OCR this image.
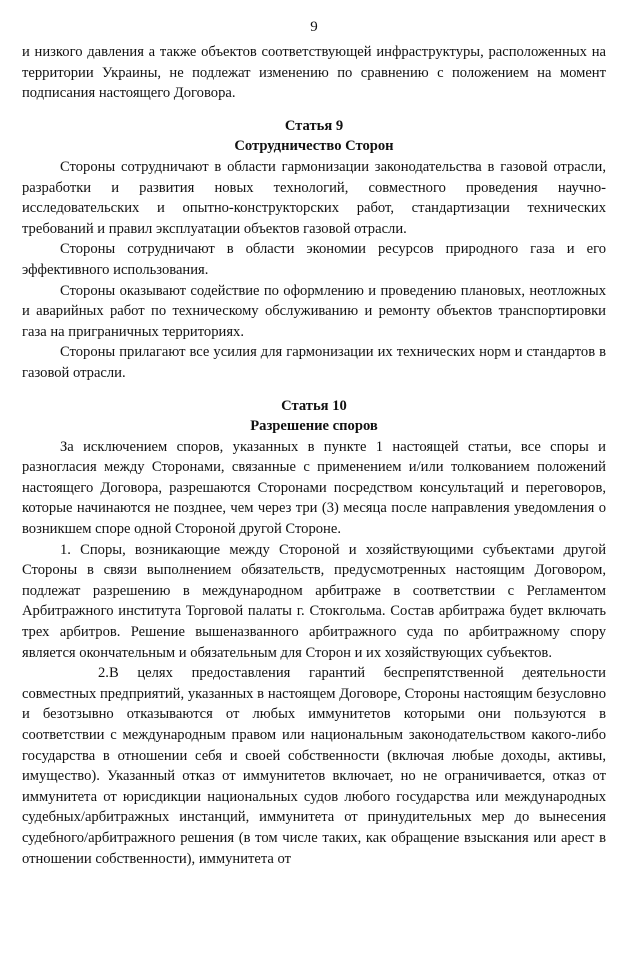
9

и низкого давления а также объектов соответствующей инфраструктуры, расположенных на территории Украины, не подлежат изменению по сравнению с положением на момент подписания настоящего Договора.

Статья 9
Сотрудничество Сторон

Стороны сотрудничают в области гармонизации законодательства в газовой отрасли, разработки и развития новых технологий, совместного проведения научно-исследовательских и опытно-конструкторских работ, стандартизации технических требований и правил эксплуатации объектов газовой отрасли.

Стороны сотрудничают в области экономии ресурсов природного газа и его эффективного использования.

Стороны оказывают содействие по оформлению и проведению плановых, неотложных и аварийных работ по техническому обслуживанию и ремонту объектов транспортировки газа на приграничных территориях.

Стороны прилагают все усилия для гармонизации их технических норм и стандартов в газовой отрасли.

Статья 10
Разрешение споров

За исключением споров, указанных в пункте 1 настоящей статьи, все споры и разногласия между Сторонами, связанные с применением и/или толкованием положений настоящего Договора, разрешаются Сторонами посредством консультаций и переговоров, которые начинаются не позднее, чем через три (3) месяца после направления уведомления о возникшем споре одной Стороной другой Стороне.

1. Споры, возникающие между Стороной и хозяйствующими субъектами другой Стороны в связи выполнением обязательств, предусмотренных настоящим Договором, подлежат разрешению в международном арбитраже в соответствии с Регламентом Арбитражного института Торговой палаты г. Стокгольма. Состав арбитража будет включать трех арбитров. Решение вышеназванного арбитражного суда по арбитражному спору является окончательным и обязательным для Сторон и их хозяйствующих субъектов.

2.В целях предоставления гарантий беспрепятственной деятельности совместных предприятий, указанных в настоящем Договоре, Стороны настоящим безусловно и безотзывно отказываются от любых иммунитетов которыми они пользуются в соответствии с международным правом или национальным законодательством какого-либо государства в отношении себя и своей собственности (включая любые доходы, активы, имущество). Указанный отказ от иммунитетов включает, но не ограничивается, отказ от иммунитета от юрисдикции национальных судов любого государства или международных судебных/арбитражных инстанций, иммунитета от принудительных мер до вынесения судебного/арбитражного решения (в том числе таких, как обращение взыскания или арест в отношении собственности), иммунитета от
